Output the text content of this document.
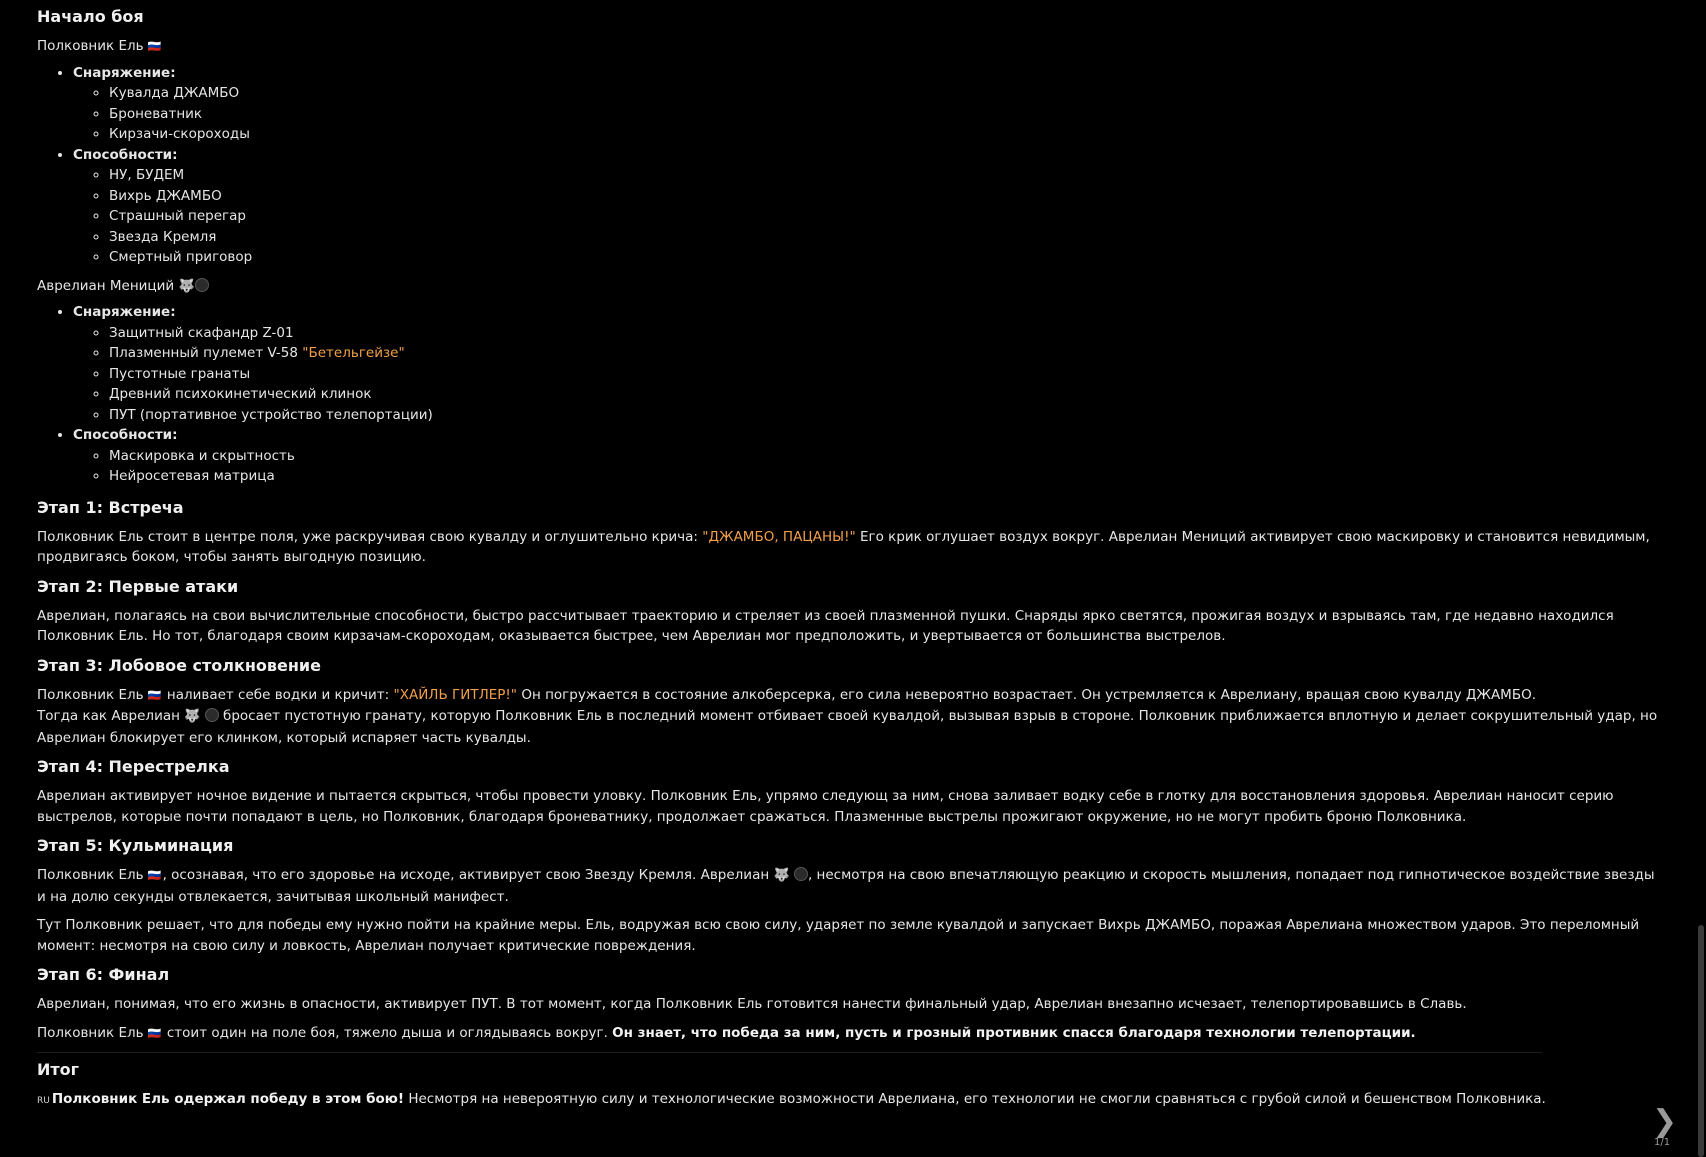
Начало боя

Полковник Ель 🇷🇺

• Снаряжение:
◦ Кувалда ДЖАМБО
◦ Броневатник
◦ Кирзачи-скороходы
• Способности:
◦ НУ, БУДЕМ
◦ Вихрь ДЖАМБО
◦ Страшный перегар
◦ Звезда Кремля
◦ Смертный приговор

Аврелиан Мениций 🐺

• Снаряжение:
◦ Защитный скафандр Z-01
◦ Плазменный пулемет V-58 "Бетельгейзе"
◦ Пустотные гранаты
◦ Древний психокинетический клинок
◦ ПУТ (портативное устройство телепортации)
• Способности:
◦ Маскировка и скрытность
◦ Нейросетевая матрица
Этап 1: Встреча

Полковник Ель стоит в центре поля, уже раскручивая свою кувалду и оглушительно крича: "ДЖАМБО, ПАЦАНЫ!" Его крик оглушает воздух вокруг. Аврелиан Мениций активирует свою маскировку и становится невидимым, продвигаясь боком, чтобы занять выгодную позицию.

Этап 2: Первые атаки

Аврелиан, полагаясь на свои вычислительные способности, быстро рассчитывает траекторию и стреляет из своей плазменной пушки. Снаряды ярко светятся, прожигая воздух и взрываясь там, где недавно находился Полковник Ель. Но тот, благодаря своим кирзачам-скороходам, оказывается быстрее, чем Аврелиан мог предположить, и увертывается от большинства выстрелов.

Этап 3: Лобовое столкновение

Полковник Ель 🇷🇺 наливает себе водки и кричит: "ХАЙЛЬ ГИТЛЕР!" Он погружается в состояние алкоберсерка, его сила невероятно возрастает. Он устремляется к Аврелиану, вращая свою кувалду ДЖАМБО.
Тогда как Аврелиан 🐺  бросает пустотную гранату, которую Полковник Ель в последний момент отбивает своей кувалдой, вызывая взрыв в стороне. Полковник приближается вплотную и делает сокрушительный удар, но Аврелиан блокирует его клинком, который испаряет часть кувалды.

Этап 4: Перестрелка

Аврелиан активирует ночное видение и пытается скрыться, чтобы провести уловку. Полковник Ель, упрямо следующ за ним, снова заливает водку себе в глотку для восстановления здоровья. Аврелиан наносит серию выстрелов, которые почти попадают в цель, но Полковник, благодаря броневатнику, продолжает сражаться. Плазменные выстрелы прожигают окружение, но не могут пробить броню Полковника.

Этап 5: Кульминация

Полковник Ель 🇷🇺, осознавая, что его здоровье на исходе, активирует свою Звезду Кремля. Аврелиан 🐺 , несмотря на свою впечатляющую реакцию и скорость мышления, попадает под гипнотическое воздействие звезды и на долю секунды отвлекается, зачитывая школьный манифест.

Тут Полковник решает, что для победы ему нужно пойти на крайние меры. Ель, водружая всю свою силу, ударяет по земле кувалдой и запускает Вихрь ДЖАМБО, поражая Аврелиана множеством ударов. Это переломный момент: несмотря на свою силу и ловкость, Аврелиан получает критические повреждения.

Этап 6: Финал

Аврелиан, понимая, что его жизнь в опасности, активирует ПУТ. В тот момент, когда Полковник Ель готовится нанести финальный удар, Аврелиан внезапно исчезает, телепортировавшись в Славь.

Полковник Ель 🇷🇺 стоит один на поле боя, тяжело дыша и оглядываясь вокруг. Он знает, что победа за ним, пусть и грозный противник спасся благодаря технологии телепортации.

Итог

RU Полковник Ель одержал победу в этом бою! Несмотря на невероятную силу и технологические возможности Аврелиана, его технологии не смогли сравняться с грубой силой и бешенством Полковника.

❯
1/1
